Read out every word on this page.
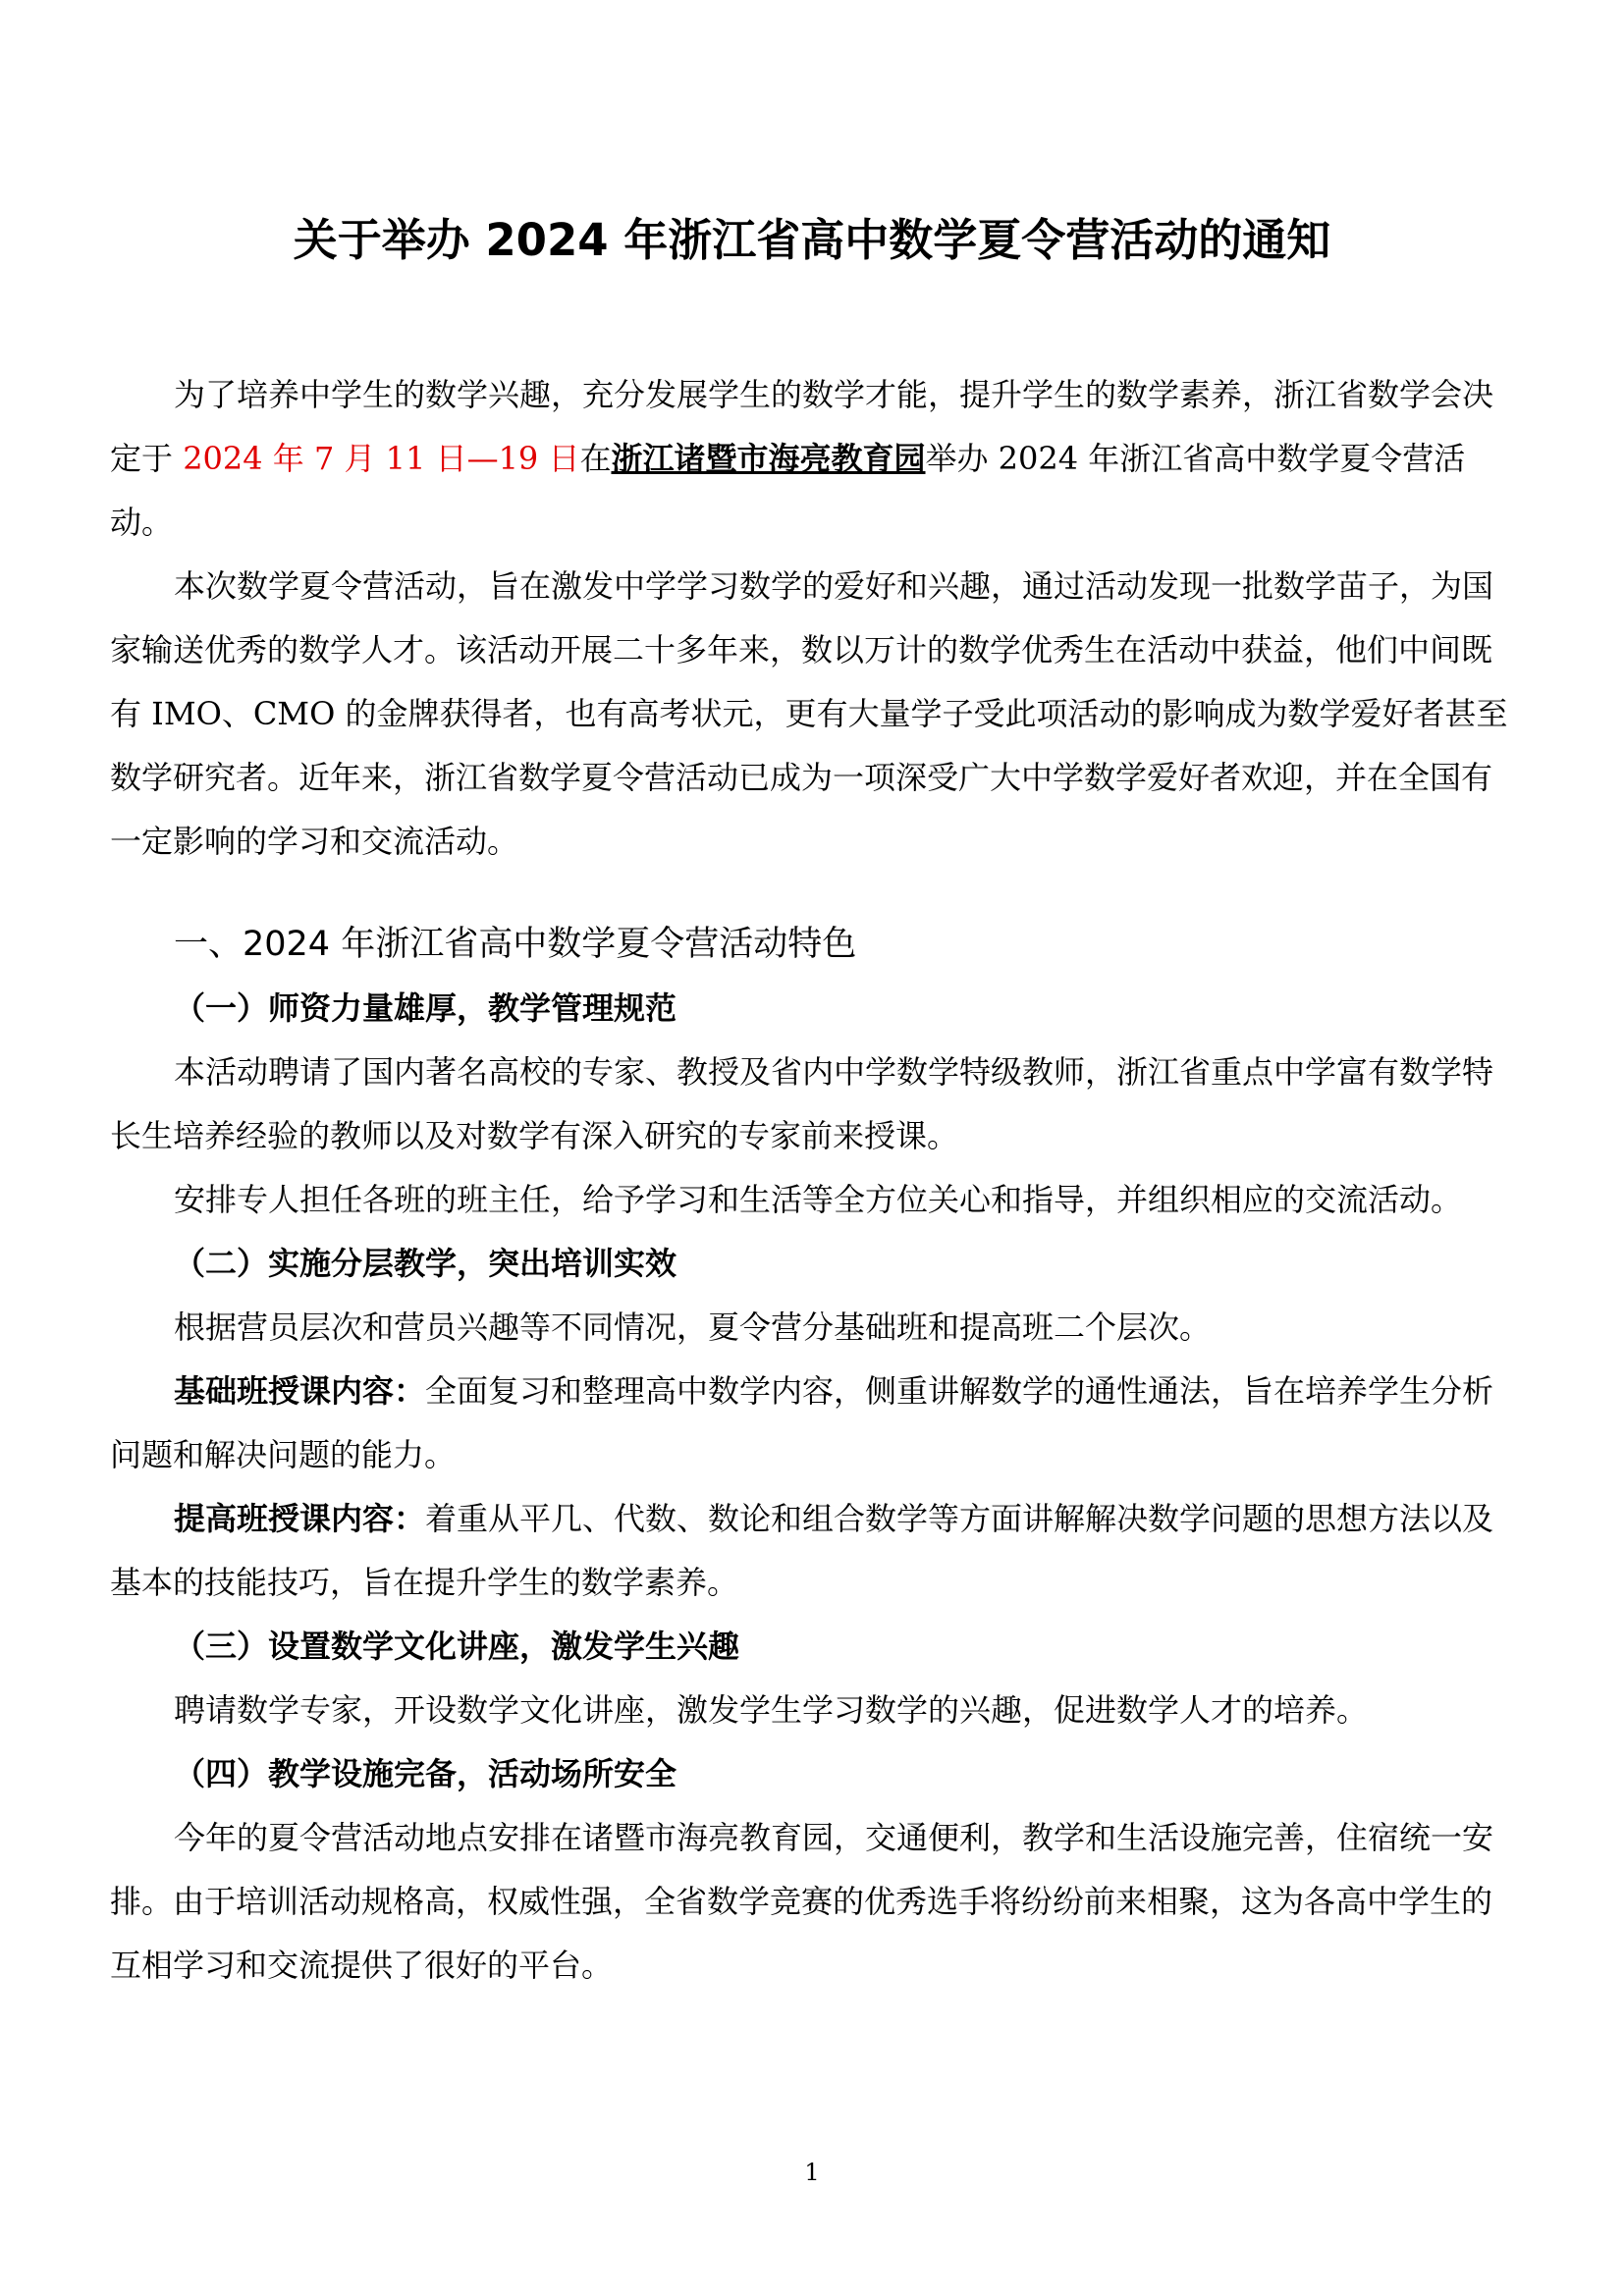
关于举办 2024 年浙江省高中数学夏令营活动的通知

为了培养中学生的数学兴趣，充分发展学生的数学才能，提升学生的数学素养，浙江省数学会决定于 2024 年 7 月 11 日—19 日在浙江诸暨市海亮教育园举办 2024 年浙江省高中数学夏令营活动。

本次数学夏令营活动，旨在激发中学学习数学的爱好和兴趣，通过活动发现一批数学苗子，为国家输送优秀的数学人才。该活动开展二十多年来，数以万计的数学优秀生在活动中获益，他们中间既有 IMO、CMO 的金牌获得者，也有高考状元，更有大量学子受此项活动的影响成为数学爱好者甚至数学研究者。近年来，浙江省数学夏令营活动已成为一项深受广大中学数学爱好者欢迎，并在全国有一定影响的学习和交流活动。

一、2024 年浙江省高中数学夏令营活动特色
（一）师资力量雄厚，教学管理规范

本活动聘请了国内著名高校的专家、教授及省内中学数学特级教师，浙江省重点中学富有数学特长生培养经验的教师以及对数学有深入研究的专家前来授课。

安排专人担任各班的班主任，给予学习和生活等全方位关心和指导，并组织相应的交流活动。

（二）实施分层教学，突出培训实效

根据营员层次和营员兴趣等不同情况，夏令营分基础班和提高班二个层次。

基础班授课内容：全面复习和整理高中数学内容，侧重讲解数学的通性通法，旨在培养学生分析问题和解决问题的能力。

提高班授课内容：着重从平几、代数、数论和组合数学等方面讲解解决数学问题的思想方法以及基本的技能技巧，旨在提升学生的数学素养。

（三）设置数学文化讲座，激发学生兴趣

聘请数学专家，开设数学文化讲座，激发学生学习数学的兴趣，促进数学人才的培养。

（四）教学设施完备，活动场所安全

今年的夏令营活动地点安排在诸暨市海亮教育园，交通便利，教学和生活设施完善，住宿统一安排。由于培训活动规格高，权威性强，全省数学竞赛的优秀选手将纷纷前来相聚，这为各高中学生的互相学习和交流提供了很好的平台。

1
